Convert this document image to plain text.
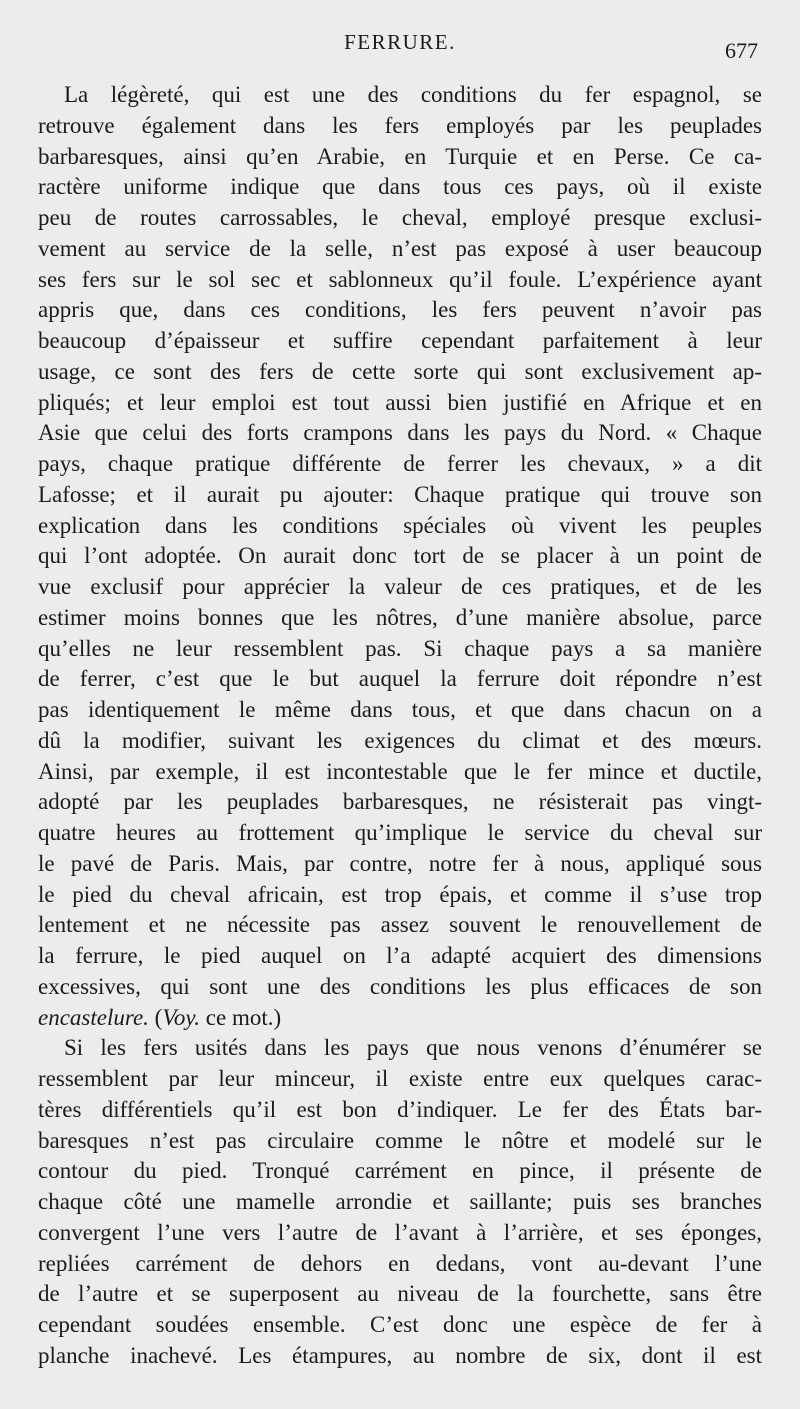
FERRURE.	677
La légèreté, qui est une des conditions du fer espagnol, se
retrouve également dans les fers employés par les peuplades
barbaresques, ainsi qu’en Arabie, en Turquie et en Perse. Ce ca-
ractère uniforme indique que dans tous ces pays, où il existe
peu de routes carrossables, le cheval, employé presque exclusi-
vement au service de la selle, n’est pas exposé à user beaucoup
ses fers sur le sol sec et sablonneux qu’il foule. L’expérience ayant
appris que, dans ces conditions, les fers peuvent n’avoir pas
beaucoup d’épaisseur et suffire cependant parfaitement à leur
usage, ce sont des fers de cette sorte qui sont exclusivement ap-
pliqués; et leur emploi est tout aussi bien justifié en Afrique et en
Asie que celui des forts crampons dans les pays du Nord. « Chaque
pays, chaque pratique différente de ferrer les chevaux, » a dit
Lafosse; et il aurait pu ajouter: Chaque pratique qui trouve son
explication dans les conditions spéciales où vivent les peuples
qui l’ont adoptée. On aurait donc tort de se placer à un point de
vue exclusif pour apprécier la valeur de ces pratiques, et de les
estimer moins bonnes que les nôtres, d’une manière absolue, parce
qu’elles ne leur ressemblent pas. Si chaque pays a sa manière
de ferrer, c’est que le but auquel la ferrure doit répondre n’est
pas identiquement le même dans tous, et que dans chacun on a
dû la modifier, suivant les exigences du climat et des mœurs.
Ainsi, par exemple, il est incontestable que le fer mince et ductile,
adopté par les peuplades barbaresques, ne résisterait pas vingt-
quatre heures au frottement qu’implique le service du cheval sur
le pavé de Paris. Mais, par contre, notre fer à nous, appliqué sous
le pied du cheval africain, est trop épais, et comme il s’use trop
lentement et ne nécessite pas assez souvent le renouvellement de
la ferrure, le pied auquel on l’a adapté acquiert des dimensions
excessives, qui sont une des conditions les plus efficaces de son
encastelure. (Voy. ce mot.)
Si les fers usités dans les pays que nous venons d’énumérer se
ressemblent par leur minceur, il existe entre eux quelques carac-
tères différentiels qu’il est bon d’indiquer. Le fer des États bar-
baresques n’est pas circulaire comme le nôtre et modelé sur le
contour du pied. Tronqué carrément en pince, il présente de
chaque côté une mamelle arrondie et saillante; puis ses branches
convergent l’une vers l’autre de l’avant à l’arrière, et ses éponges,
repliées carrément de dehors en dedans, vont au-devant l’une
de l’autre et se superposent au niveau de la fourchette, sans être
cependant soudées ensemble. C’est donc une espèce de fer à
planche inachevé. Les étampures, au nombre de six, dont il est
